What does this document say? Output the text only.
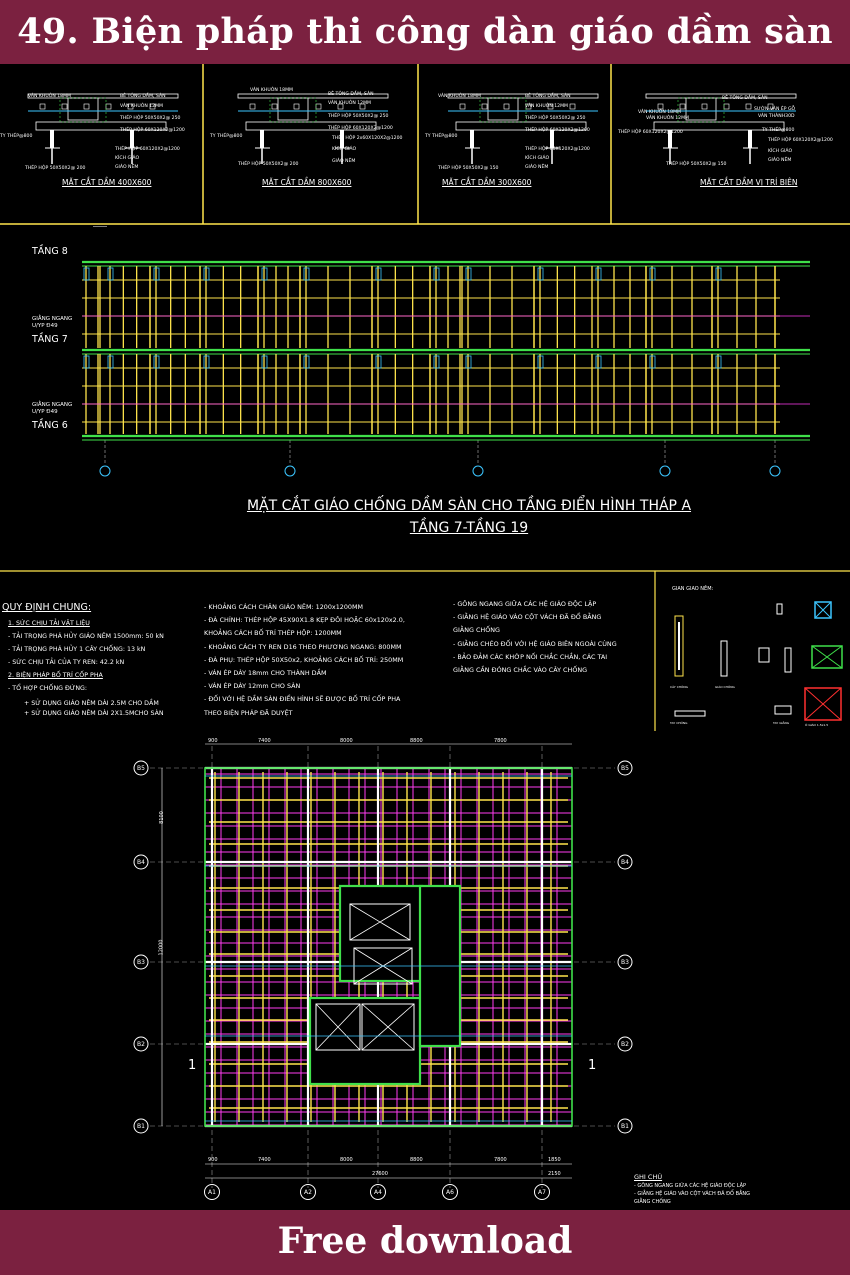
49. Biện pháp thi công dàn giáo dầm sàn
VÁN KHUÔN 18MM	BÊ TÔNG DẦM, SÀN
VÁN KHUÔN 12MM
THÉP HỘP 50X50X2@ 250
THÉP HỘP 60X120X2@1200
TY THÉP@800
THÉP HỘP 60X120X2@1200
KÍCH GIÁO
GIÁO NÊM
THÉP HỘP 50X50X2@ 200
MẶT CẮT DẦM 400X600
VÁN KHUÔN 18MM
BÊ TÔNG DẦM, SÀN
VÁN KHUÔN 12MM
THÉP HỘP 50X50X2@ 250
THÉP HỘP 60X120X2@1200
TY THÉP@800	THÉP HỘP 2x60X120X2@1200
KÍCH GIÁO
GIÁO NÊM
THÉP HỘP 50X50X2@ 200
MẶT CẮT DẦM 800X600
VÁN KHUÔN 18MM	BÊ TÔNG DẦM, SÀN
VÁN KHUÔN 12MM
THÉP HỘP 50X50X2@ 250
THÉP HỘP 60X120X2@1200
TY THÉP@800
THÉP HỘP 60X120X2@1200
KÍCH GIÁO
GIÁO NÊM
THÉP HỘP 50X50X2@ 150
MẶT CẮT DẦM 300X600
VÁN KHUÔN 18MM
BÊ TÔNG DẦM, SÀN
SƯỜN VÁN ÉP GỖ
VÁN KHUÔN 12MM	VÁN THÀNH30D
TY THÉP@800
THÉP HỘP 60X120X2@1200
THÉP HỘP 60X120X2@1200
KÍCH GIÁO
GIÁO NÊM
THÉP HỘP 50X50X2@ 150
MẶT CẮT DẦM VỊ TRÍ BIÊN
TẦNG 8
GIẰNG NGANG U/YP Đ49
TẦNG 7
GIẰNG NGANG U/YP Đ49
TẦNG 6
MẶT CẮT GIÁO CHỐNG DẦM SÀN CHO TẦNG ĐIỂN HÌNH THÁP A
TẦNG 7-TẦNG 19
QUY ĐỊNH CHUNG:
1. SỨC CHỊU TẢI VẬT LIỆU
- TẢI TRỌNG PHÁ HỦY GIÁO NÊM 1500mm: 50 kN
- TẢI TRỌNG PHÁ HỦY 1 CÂY CHỐNG: 13 kN
- SỨC CHỊU TẢI CỦA TY REN: 42.2 kN
2. BIỆN PHÁP BỐ TRÍ CỐP PHA
- TỔ HỢP CHỐNG ĐỨNG:
+ SỬ DỤNG GIÁO NÊM DÀI 2.5M CHO DẦM
+ SỬ DỤNG GIÁO NÊM DÀI 2X1.5MCHO SÀN
- KHOẢNG CÁCH CHÂN GIÁO NÊM: 1200x1200MM
- ĐÀ CHÍNH: THÉP HỘP 45X90X1.8 KẸP ĐÔI HOẶC 60x120x2.0,
KHOẢNG CÁCH BỐ TRÍ THÉP HỘP: 1200MM
- KHOẢNG CÁCH TY REN D16 THEO PHƯƠNG NGANG: 800MM
- ĐÀ PHỤ: THÉP HỘP 50X50x2, KHOẢNG CÁCH BỐ TRÍ: 250MM
- VÁN ÉP DÀY 18mm CHO THÀNH DẦM
- VÁN ÉP DÀY 12mm CHO SÀN
- ĐỐI VỚI HỆ DẦM SÀN ĐIỂN HÌNH SẼ ĐƯỢC BỐ TRÍ CỐP PHA
THEO BIỆN PHÁP ĐÃ DUYỆT
- GÔNG NGANG GIỮA CÁC HỆ GIÁO ĐỘC LẬP
- GIẰNG HỆ GIÁO VÀO CỘT VÁCH ĐÃ ĐỔ BẰNG
GIẰNG CHỐNG
- GIẰNG CHÉO ĐỐI VỚI HỆ GIÁO BIÊN NGOÀI CÙNG
- BẢO ĐẢM CÁC KHỚP NỐI CHẮC CHẮN, CÁC TAI
GIẰNG CẦN ĐÓNG CHẮC VÀO CÂY CHỐNG
GIAN GIAO NÊM:
CÂY CHỐNG	GIÁO CHỐNG
TAY CHỐNG	TAY GIẰNG	Ô GIÁO 1.5x1.5
B5	B5
B4	B4
B3	B3
B2	B2
B1	B1
A1	A2	A4	A6	A7
900	7400	8000	8800	7800
900	7400	8000	8800	7800	1850
27600	2150
1	1
8100
12000
GHI CHÚ
- GÔNG NGANG GIỮA CÁC HỆ GIÁO ĐỘC LẬP
- GIẰNG HỆ GIÁO VÀO CỘT VÁCH ĐÃ ĐỔ BẰNG
GIẰNG CHỐNG
Free download
